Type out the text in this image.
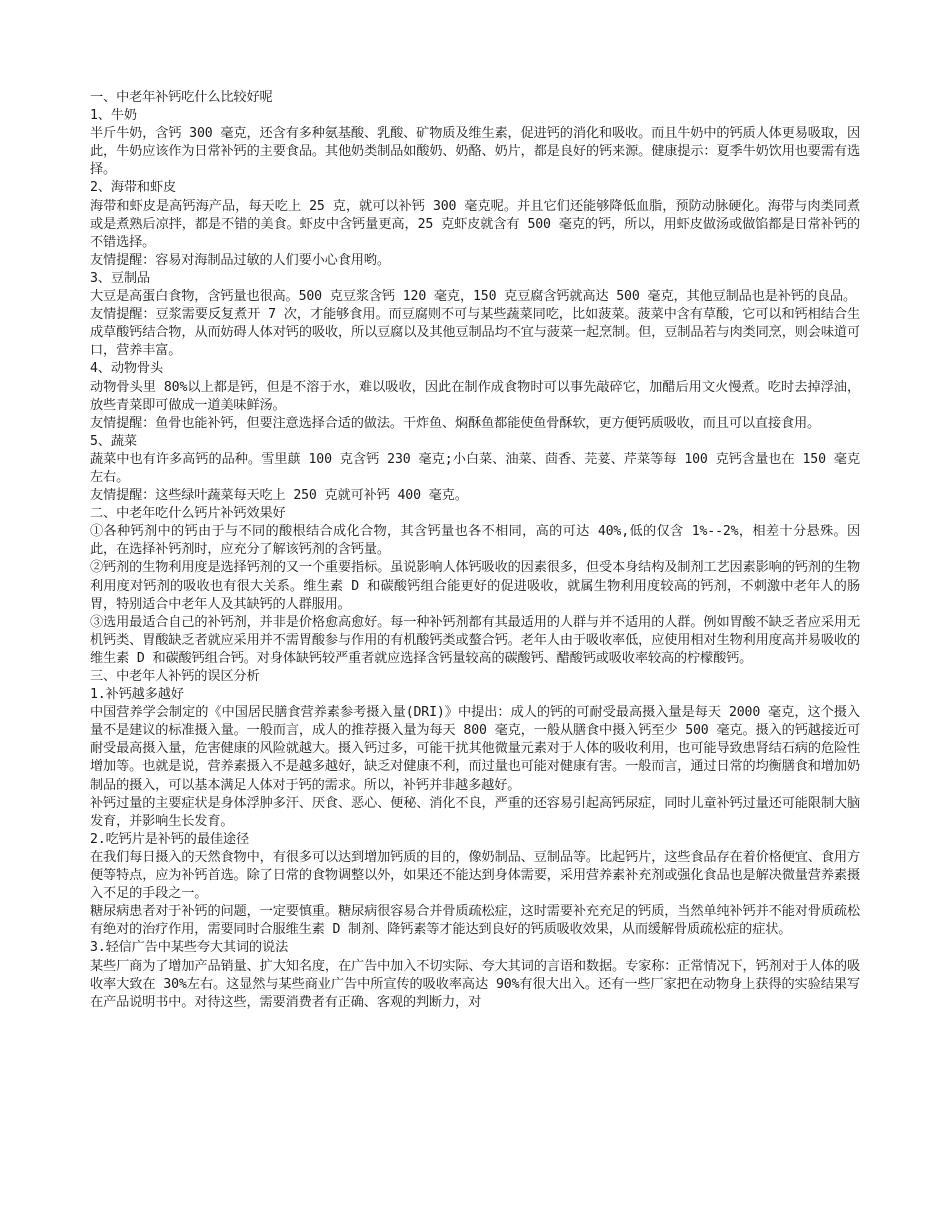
一、中老年补钙吃什么比较好呢

1、牛奶

半斤牛奶，含钙 300 毫克，还含有多种氨基酸、乳酸、矿物质及维生素，促进钙的消化和吸收。而且牛奶中的钙质人体更易吸取，因此，牛奶应该作为日常补钙的主要食品。其他奶类制品如酸奶、奶酪、奶片，都是良好的钙来源。健康提示：夏季牛奶饮用也要需有选择。

2、海带和虾皮

海带和虾皮是高钙海产品，每天吃上 25 克，就可以补钙 300 毫克呢。并且它们还能够降低血脂，预防动脉硬化。海带与肉类同煮或是煮熟后凉拌，都是不错的美食。虾皮中含钙量更高，25 克虾皮就含有 500 毫克的钙，所以，用虾皮做汤或做馅都是日常补钙的不错选择。

友情提醒：容易对海制品过敏的人们要小心食用哟。

3、豆制品

大豆是高蛋白食物，含钙量也很高。500 克豆浆含钙 120 毫克，150 克豆腐含钙就高达 500 毫克，其他豆制品也是补钙的良品。

友情提醒：豆浆需要反复煮开 7 次，才能够食用。而豆腐则不可与某些蔬菜同吃，比如菠菜。菠菜中含有草酸，它可以和钙相结合生成草酸钙结合物，从而妨碍人体对钙的吸收，所以豆腐以及其他豆制品均不宜与菠菜一起烹制。但，豆制品若与肉类同烹，则会味道可口，营养丰富。

4、动物骨头

动物骨头里 80%以上都是钙，但是不溶于水，难以吸收，因此在制作成食物时可以事先敲碎它，加醋后用文火慢煮。吃时去掉浮油，放些青菜即可做成一道美味鲜汤。

友情提醒：鱼骨也能补钙，但要注意选择合适的做法。干炸鱼、焖酥鱼都能使鱼骨酥软，更方便钙质吸收，而且可以直接食用。

5、蔬菜

蔬菜中也有许多高钙的品种。雪里蕻 100 克含钙 230 毫克;小白菜、油菜、茴香、芫荽、芹菜等每 100 克钙含量也在 150 毫克左右。

友情提醒：这些绿叶蔬菜每天吃上 250 克就可补钙 400 毫克。

二、中老年吃什么钙片补钙效果好

①各种钙剂中的钙由于与不同的酸根结合成化合物，其含钙量也各不相同，高的可达 40%,低的仅含 1%--2%，相差十分悬殊。因此，在选择补钙剂时，应充分了解该钙剂的含钙量。

②钙剂的生物利用度是选择钙剂的又一个重要指标。虽说影响人体钙吸收的因素很多，但受本身结构及制剂工艺因素影响的钙剂的生物利用度对钙剂的吸收也有很大关系。维生素 D 和碳酸钙组合能更好的促进吸收，就属生物利用度较高的钙剂，不刺激中老年人的肠胃，特别适合中老年人及其缺钙的人群服用。

③选用最适合自己的补钙剂，并非是价格愈高愈好。每一种补钙剂都有其最适用的人群与并不适用的人群。例如胃酸不缺乏者应采用无机钙类、胃酸缺乏者就应采用并不需胃酸参与作用的有机酸钙类或螯合钙。老年人由于吸收率低，应使用相对生物利用度高并易吸收的维生素 D 和碳酸钙组合钙。对身体缺钙较严重者就应选择含钙量较高的碳酸钙、醋酸钙或吸收率较高的柠檬酸钙。

三、中老年人补钙的误区分析

1.补钙越多越好

中国营养学会制定的《中国居民膳食营养素参考摄入量(DRI)》中提出：成人的钙的可耐受最高摄入量是每天 2000 毫克，这个摄入量不是建议的标准摄入量。一般而言，成人的推荐摄入量为每天 800 毫克，一般从膳食中摄入钙至少 500 毫克。摄入的钙越接近可耐受最高摄入量，危害健康的风险就越大。摄入钙过多，可能干扰其他微量元素对于人体的吸收利用，也可能导致患肾结石病的危险性增加等。也就是说，营养素摄入不是越多越好，缺乏对健康不利，而过量也可能对健康有害。一般而言，通过日常的均衡膳食和增加奶制品的摄入，可以基本满足人体对于钙的需求。所以，补钙并非越多越好。

补钙过量的主要症状是身体浮肿多汗、厌食、恶心、便秘、消化不良，严重的还容易引起高钙尿症，同时儿童补钙过量还可能限制大脑发育，并影响生长发育。

2.吃钙片是补钙的最佳途径

在我们每日摄入的天然食物中，有很多可以达到增加钙质的目的，像奶制品、豆制品等。比起钙片，这些食品存在着价格便宜、食用方便等特点，应为补钙首选。除了日常的食物调整以外，如果还不能达到身体需要，采用营养素补充剂或强化食品也是解决微量营养素摄入不足的手段之一。

糖尿病患者对于补钙的问题，一定要慎重。糖尿病很容易合并骨质疏松症，这时需要补充充足的钙质，当然单纯补钙并不能对骨质疏松有绝对的治疗作用，需要同时合服维生素 D 制剂、降钙素等才能达到良好的钙质吸收效果，从而缓解骨质疏松症的症状。

3.轻信广告中某些夸大其词的说法

某些厂商为了增加产品销量、扩大知名度，在广告中加入不切实际、夸大其词的言语和数据。专家称：正常情况下，钙剂对于人体的吸收率大致在 30%左右。这显然与某些商业广告中所宣传的吸收率高达 90%有很大出入。还有一些厂家把在动物身上获得的实验结果写在产品说明书中。对待这些，需要消费者有正确、客观的判断力，对
